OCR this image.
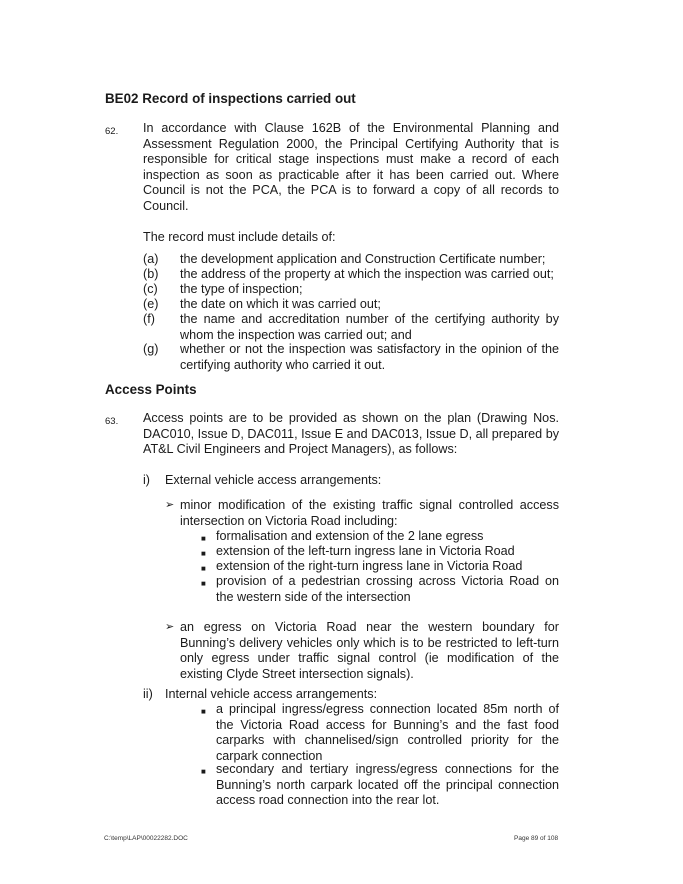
BE02 Record of inspections carried out
62. In accordance with Clause 162B of the Environmental Planning and Assessment Regulation 2000, the Principal Certifying Authority that is responsible for critical stage inspections must make a record of each inspection as soon as practicable after it has been carried out. Where Council is not the PCA, the PCA is to forward a copy of all records to Council.
The record must include details of:
(a) the development application and Construction Certificate number;
(b) the address of the property at which the inspection was carried out;
(c) the type of inspection;
(e) the date on which it was carried out;
(f) the name and accreditation number of the certifying authority by whom the inspection was carried out; and
(g) whether or not the inspection was satisfactory in the opinion of the certifying authority who carried it out.
Access Points
63. Access points are to be provided as shown on the plan (Drawing Nos. DAC010, Issue D, DAC011, Issue E and DAC013, Issue D, all prepared by AT&L Civil Engineers and Project Managers), as follows:
i) External vehicle access arrangements:
➢ minor modification of the existing traffic signal controlled access intersection on Victoria Road including:
■ formalisation and extension of the 2 lane egress
■ extension of the left-turn ingress lane in Victoria Road
■ extension of the right-turn ingress lane in Victoria Road
■ provision of a pedestrian crossing across Victoria Road on the western side of the intersection
➢ an egress on Victoria Road near the western boundary for Bunning’s delivery vehicles only which is to be restricted to left-turn only egress under traffic signal control (ie modification of the existing Clyde Street intersection signals).
ii) Internal vehicle access arrangements:
■ a principal ingress/egress connection located 85m north of the Victoria Road access for Bunning’s and the fast food carparks with channelised/sign controlled priority for the carpark connection
■ secondary and tertiary ingress/egress connections for the Bunning’s north carpark located off the principal connection access road connection into the rear lot.
C:\temp\LAP\00022282.DOC	Page 89 of 108
